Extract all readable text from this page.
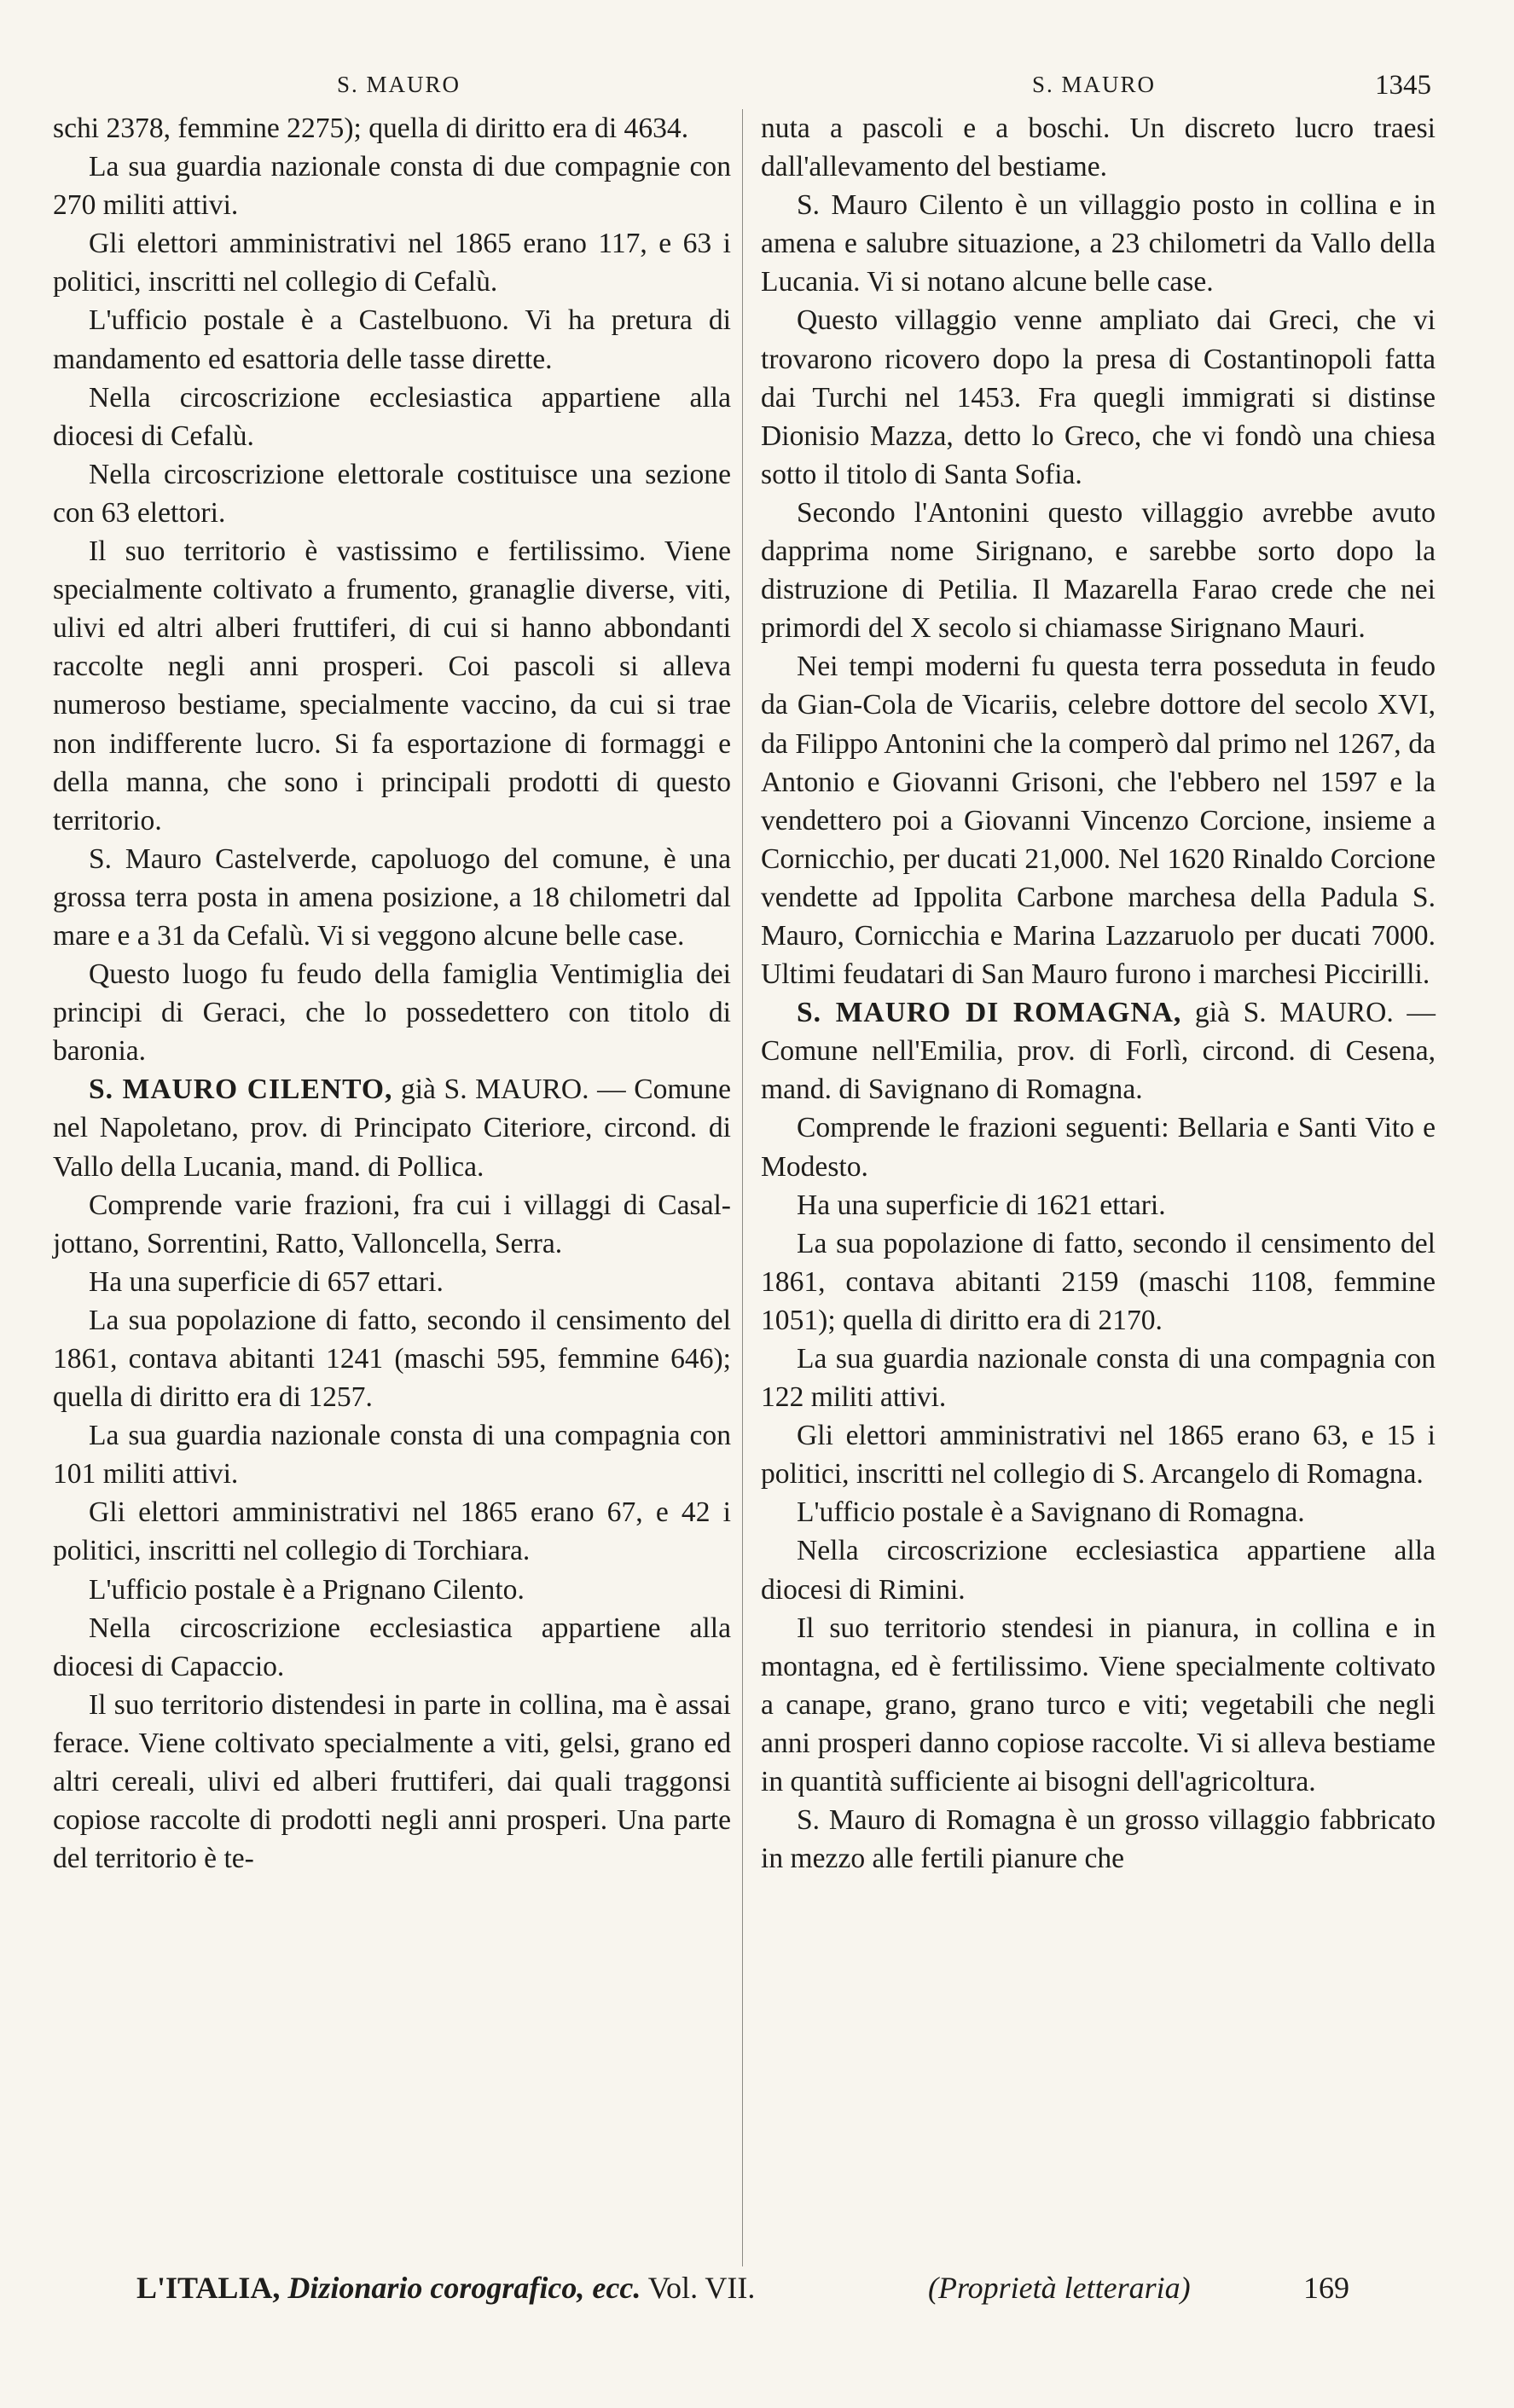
S. MAURO	S. MAURO	1345

schi 2378, femmine 2275); quella di diritto era di 4634.

La sua guardia nazionale consta di due compagnie con 270 militi attivi.

Gli elettori amministrativi nel 1865 erano 117, e 63 i politici, inscritti nel collegio di Cefalù.

L'ufficio postale è a Castelbuono. Vi ha pretura di mandamento ed esattoria delle tasse dirette.

Nella circoscrizione ecclesiastica appartiene alla diocesi di Cefalù.

Nella circoscrizione elettorale costituisce una sezione con 63 elettori.

Il suo territorio è vastissimo e fertilissimo. Viene specialmente coltivato a frumento, granaglie diverse, viti, ulivi ed altri alberi fruttiferi, di cui si hanno abbondanti raccolte negli anni prosperi. Coi pascoli si alleva numeroso bestiame, specialmente vaccino, da cui si trae non indifferente lucro. Si fa esportazione di formaggi e della manna, che sono i principali prodotti di questo territorio.

S. Mauro Castelverde, capoluogo del comune, è una grossa terra posta in amena posizione, a 18 chilometri dal mare e a 31 da Cefalù. Vi si veggono alcune belle case.

Questo luogo fu feudo della famiglia Ventimiglia dei principi di Geraci, che lo possedettero con titolo di baronia.

S. MAURO CILENTO, già S. MAURO. — Comune nel Napoletano, prov. di Principato Citeriore, circond. di Vallo della Lucania, mand. di Pollica.

Comprende varie frazioni, fra cui i villaggi di Casal-jottano, Sorrentini, Ratto, Valloncella, Serra.

Ha una superficie di 657 ettari.

La sua popolazione di fatto, secondo il censimento del 1861, contava abitanti 1241 (maschi 595, femmine 646); quella di diritto era di 1257.

La sua guardia nazionale consta di una compagnia con 101 militi attivi.

Gli elettori amministrativi nel 1865 erano 67, e 42 i politici, inscritti nel collegio di Torchiara.

L'ufficio postale è a Prignano Cilento.

Nella circoscrizione ecclesiastica appartiene alla diocesi di Capaccio.

Il suo territorio distendesi in parte in collina, ma è assai ferace. Viene coltivato specialmente a viti, gelsi, grano ed altri cereali, ulivi ed alberi fruttiferi, dai quali traggonsi copiose raccolte di prodotti negli anni prosperi. Una parte del territorio è te-

nuta a pascoli e a boschi. Un discreto lucro traesi dall'allevamento del bestiame.

S. Mauro Cilento è un villaggio posto in collina e in amena e salubre situazione, a 23 chilometri da Vallo della Lucania. Vi si notano alcune belle case.

Questo villaggio venne ampliato dai Greci, che vi trovarono ricovero dopo la presa di Costantinopoli fatta dai Turchi nel 1453. Fra quegli immigrati si distinse Dionisio Mazza, detto lo Greco, che vi fondò una chiesa sotto il titolo di Santa Sofia.

Secondo l'Antonini questo villaggio avrebbe avuto dapprima nome Sirignano, e sarebbe sorto dopo la distruzione di Petilia. Il Mazarella Farao crede che nei primordi del X secolo si chiamasse Sirignano Mauri.

Nei tempi moderni fu questa terra posseduta in feudo da Gian-Cola de Vicariis, celebre dottore del secolo XVI, da Filippo Antonini che la comperò dal primo nel 1267, da Antonio e Giovanni Grisoni, che l'ebbero nel 1597 e la vendettero poi a Giovanni Vincenzo Corcione, insieme a Cornicchio, per ducati 21,000. Nel 1620 Rinaldo Corcione vendette ad Ippolita Carbone marchesa della Padula S. Mauro, Cornicchia e Marina Lazzaruolo per ducati 7000. Ultimi feudatari di San Mauro furono i marchesi Piccirilli.

S. MAURO DI ROMAGNA, già S. MAURO. — Comune nell'Emilia, prov. di Forlì, circond. di Cesena, mand. di Savignano di Romagna.

Comprende le frazioni seguenti: Bellaria e Santi Vito e Modesto.

Ha una superficie di 1621 ettari.

La sua popolazione di fatto, secondo il censimento del 1861, contava abitanti 2159 (maschi 1108, femmine 1051); quella di diritto era di 2170.

La sua guardia nazionale consta di una compagnia con 122 militi attivi.

Gli elettori amministrativi nel 1865 erano 63, e 15 i politici, inscritti nel collegio di S. Arcangelo di Romagna.

L'ufficio postale è a Savignano di Romagna.

Nella circoscrizione ecclesiastica appartiene alla diocesi di Rimini.

Il suo territorio stendesi in pianura, in collina e in montagna, ed è fertilissimo. Viene specialmente coltivato a canape, grano, grano turco e viti; vegetabili che negli anni prosperi danno copiose raccolte. Vi si alleva bestiame in quantità sufficiente ai bisogni dell'agricoltura.

S. Mauro di Romagna è un grosso villaggio fabbricato in mezzo alle fertili pianure che

L'ITALIA, Dizionario corografico, ecc. Vol. VII.	(Proprietà letteraria)	169
